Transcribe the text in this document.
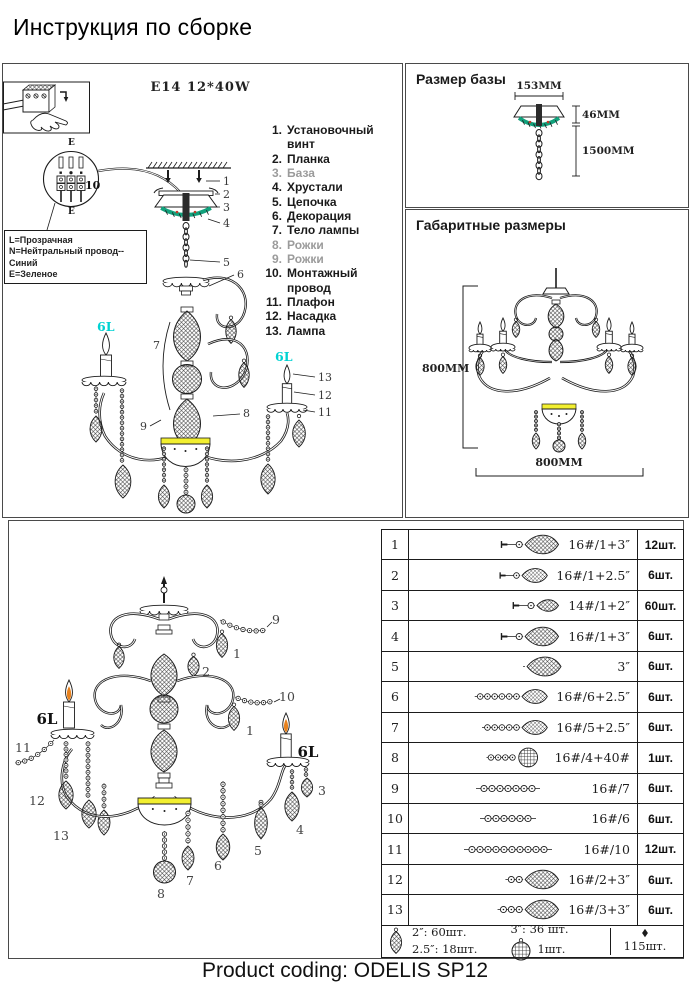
Инструкция по сборке
10
E
E
1
2
3
4
5
6
7
8
9
13
12
11
6L
6L
E14 12*40W
L=Прозрачная
N=Нейтральный провод--Синий
E=Зеленое
1. Установочный винт
2. Планка
3. База
4. Хрустали
5. Цепочка
6. Декорация
7. Тело лампы
8. Рожки
9. Рожки
10. Монтажный провод
11. Плафон
12. Насадка
13. Лампа
Размер базы 153MM
46MM
1500MM
Габаритные размеры
800MM
800MM
9
1
2
10
1
11
12
13
8
7
6
5
4
3
6L
6L
1	16#/1+3″	12шт.
2	16#/1+2.5″	6шт.
3	14#/1+2″	60шт.
4	16#/1+3″	6шт.
5	3″	6шт.
6	16#/6+2.5″	6шт.
7	16#/5+2.5″	6шт.
8	16#/4+40#	1шт.
9	16#/7	6шт.
10	16#/6	6шт.
11	16#/10	12шт.
12	16#/2+3″	6шт.
13	16#/3+3″	6шт.
2″: 60шт.
2.5″: 18шт.
3″: 36 шт.
1шт.	115шт.
Product coding: ODELIS SP12
